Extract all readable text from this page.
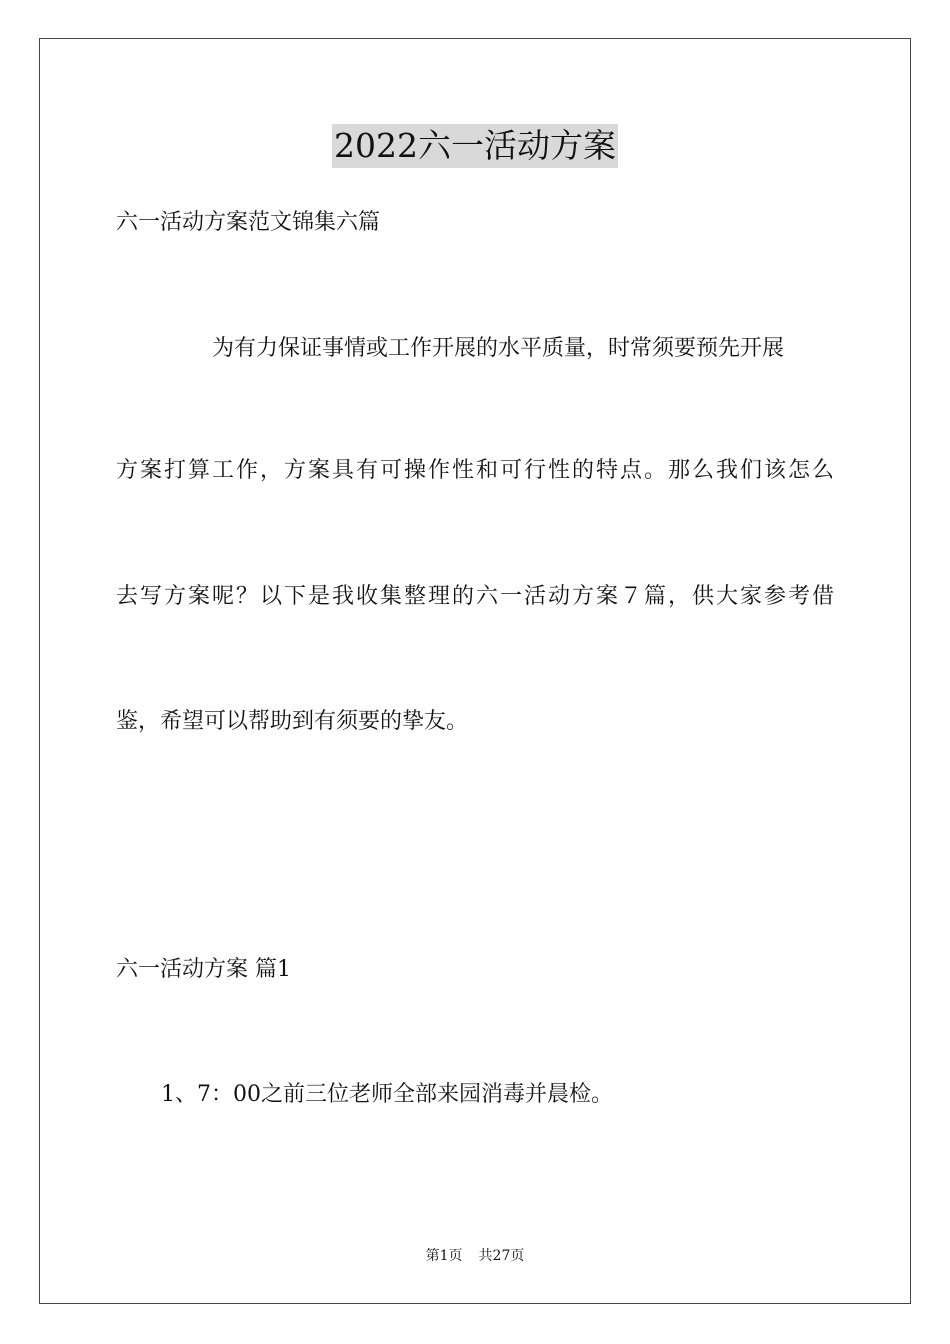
2022六一活动方案
六一活动方案范文锦集六篇
为有力保证事情或工作开展的水平质量，时常须要预先开展
方案打算工作，方案具有可操作性和可行性的特点。那么我们该怎么
去写方案呢？以下是我收集整理的六一活动方案７篇，供大家参考借
鉴，希望可以帮助到有须要的挚友。
六一活动方案 篇1
1、7：00之前三位老师全部来园消毒并晨检。
第1页 共27页
